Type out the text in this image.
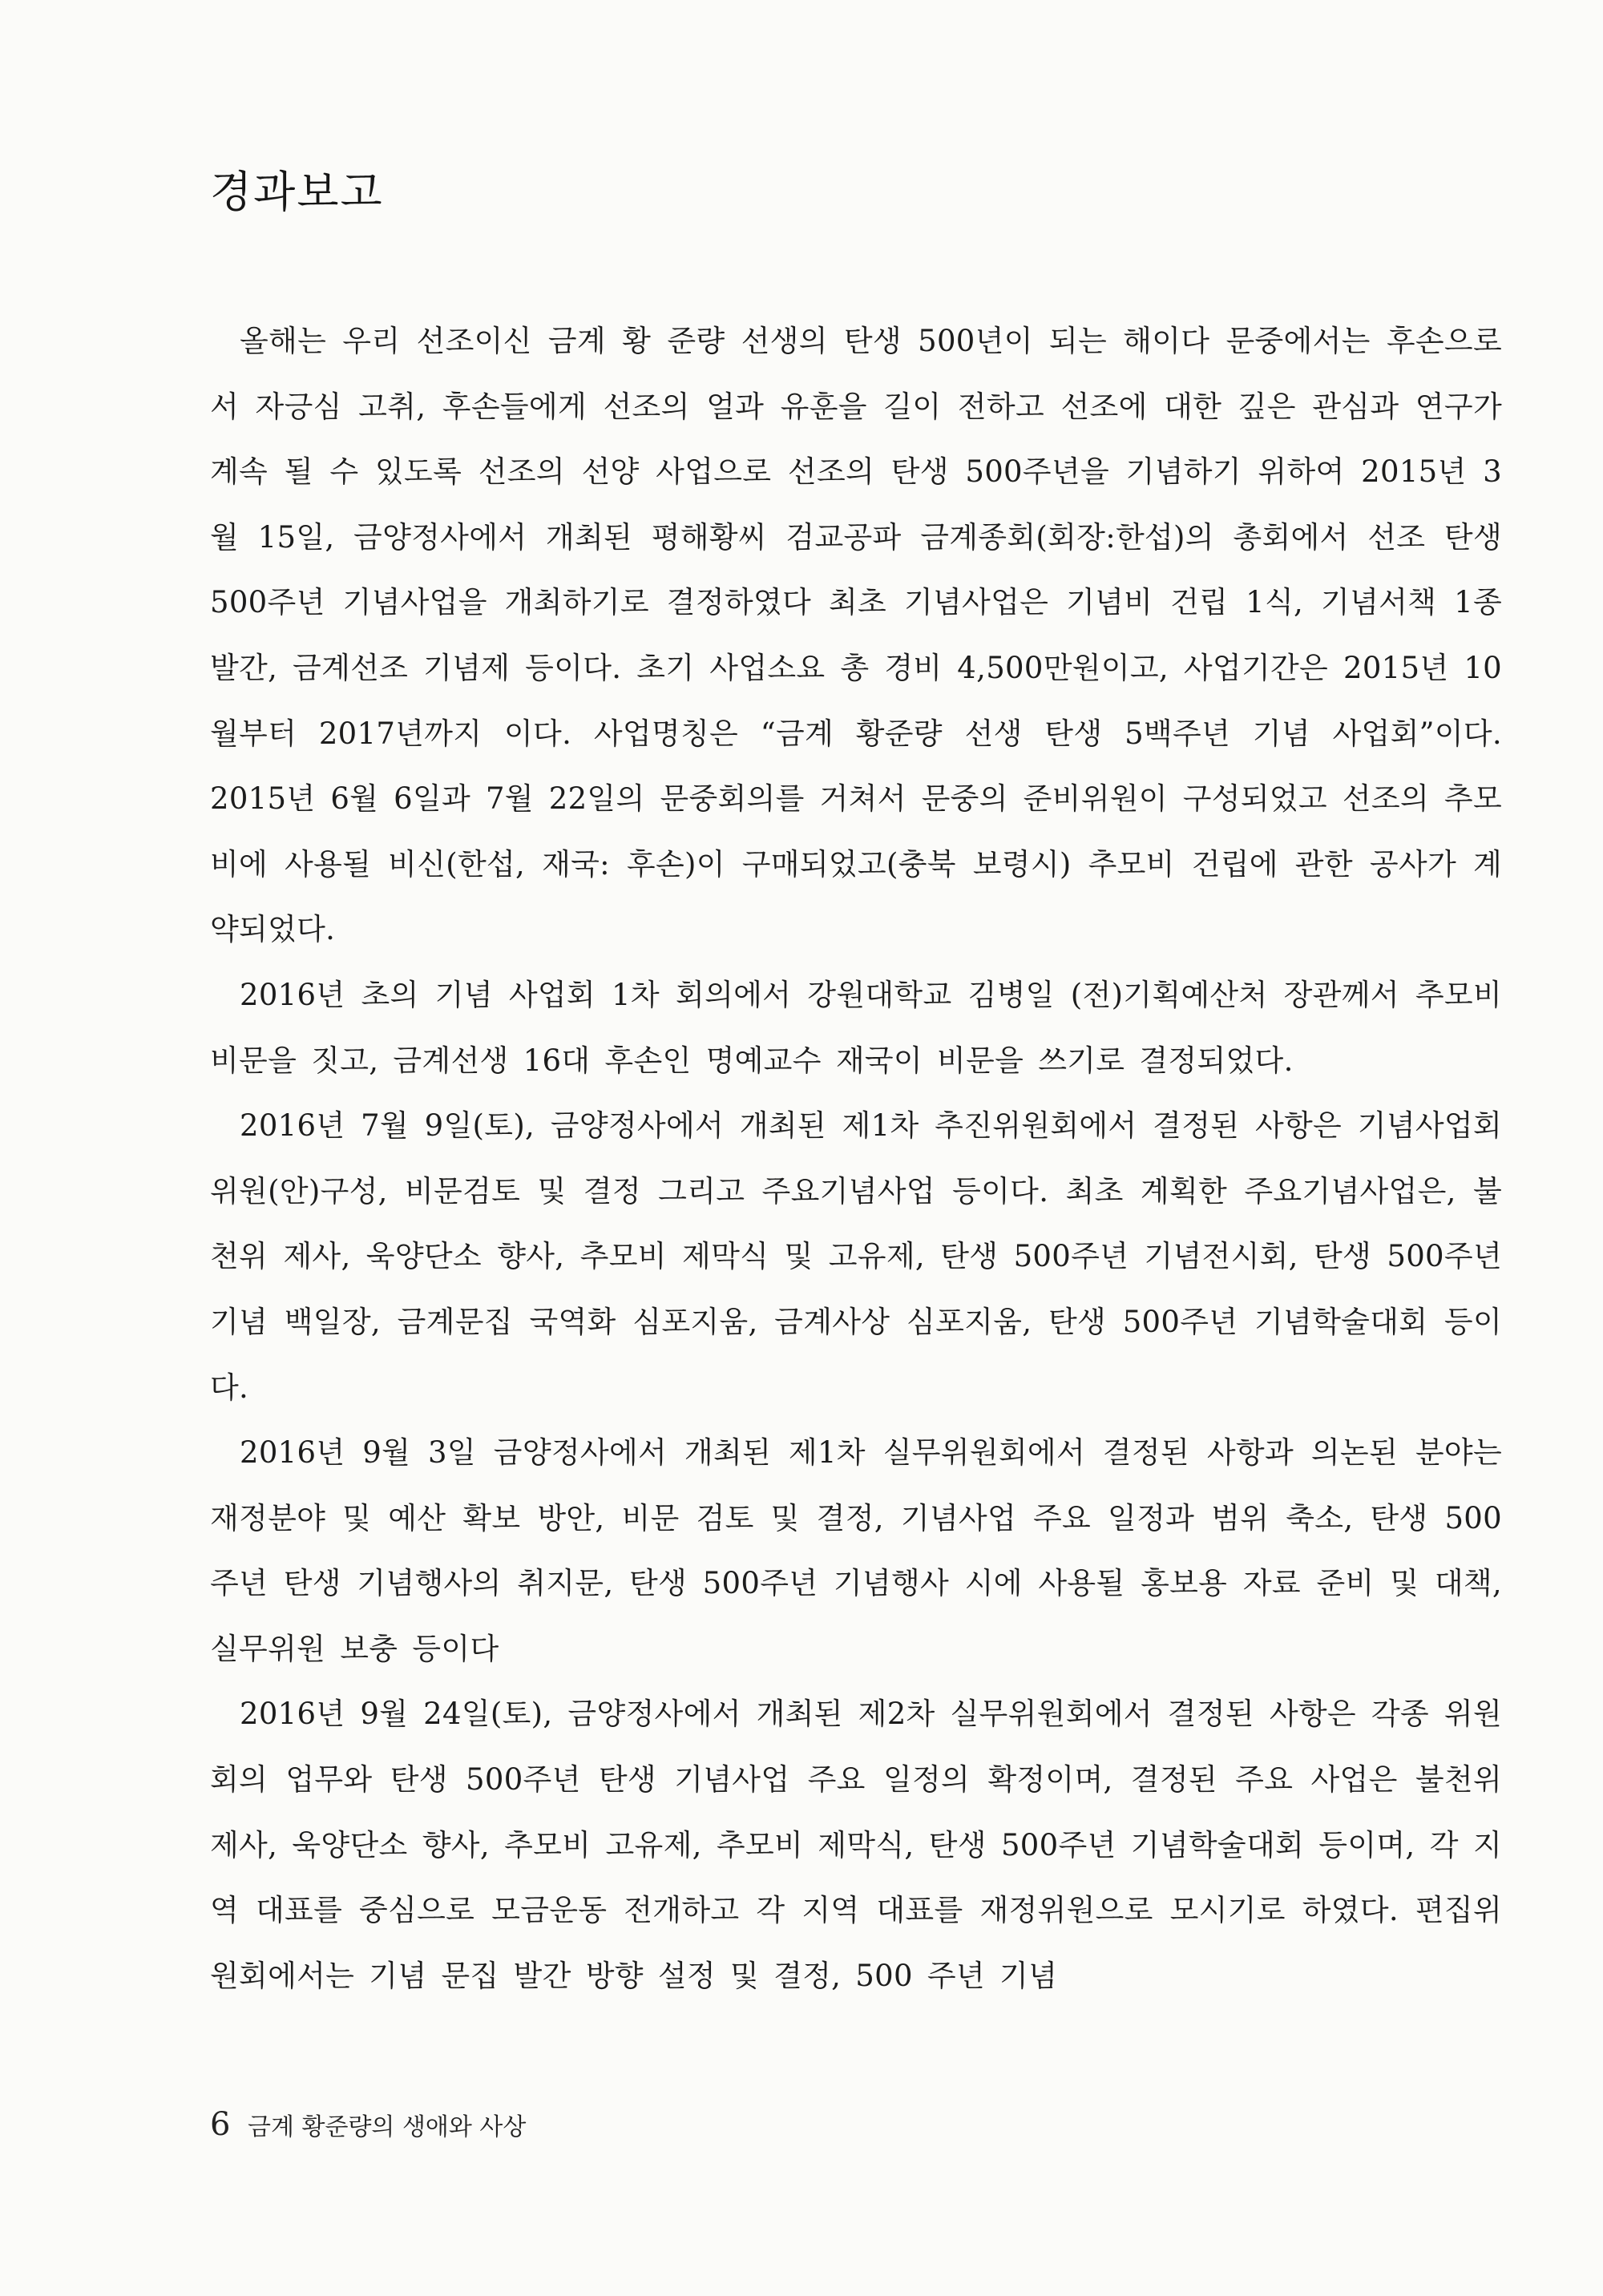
경과보고

올해는 우리 선조이신 금계 황 준량 선생의 탄생 500년이 되는 해이다 문중에서는 후손으로서 자긍심 고취, 후손들에게 선조의 얼과 유훈을 길이 전하고 선조에 대한 깊은 관심과 연구가 계속 될 수 있도록 선조의 선양 사업으로 선조의 탄생 500주년을 기념하기 위하여 2015년 3월 15일, 금양정사에서 개최된 평해황씨 검교공파 금계종회(회장:한섭)의 총회에서 선조 탄생 500주년 기념사업을 개최하기로 결정하였다 최초 기념사업은 기념비 건립 1식, 기념서책 1종 발간, 금계선조 기념제 등이다. 초기 사업소요 총 경비 4,500만원이고, 사업기간은 2015년 10월부터 2017년까지 이다. 사업명칭은 “금계 황준량 선생 탄생 5백주년 기념 사업회”이다. 2015년 6월 6일과 7월 22일의 문중회의를 거쳐서 문중의 준비위원이 구성되었고 선조의 추모비에 사용될 비신(한섭, 재국: 후손)이 구매되었고(충북 보령시) 추모비 건립에 관한 공사가 계약되었다.

2016년 초의 기념 사업회 1차 회의에서 강원대학교 김병일 (전)기획예산처 장관께서 추모비 비문을 짓고, 금계선생 16대 후손인 명예교수 재국이 비문을 쓰기로 결정되었다.

2016년 7월 9일(토), 금양정사에서 개최된 제1차 추진위원회에서 결정된 사항은 기념사업회 위원(안)구성, 비문검토 및 결정 그리고 주요기념사업 등이다. 최초 계획한 주요기념사업은, 불천위 제사, 욱양단소 향사, 추모비 제막식 및 고유제, 탄생 500주년 기념전시회, 탄생 500주년 기념 백일장, 금계문집 국역화 심포지움, 금계사상 심포지움, 탄생 500주년 기념학술대회 등이다.

2016년 9월 3일 금양정사에서 개최된 제1차 실무위원회에서 결정된 사항과 의논된 분야는 재정분야 및 예산 확보 방안, 비문 검토 및 결정, 기념사업 주요 일정과 범위 축소, 탄생 500 주년 탄생 기념행사의 취지문, 탄생 500주년 기념행사 시에 사용될 홍보용 자료 준비 및 대책, 실무위원 보충 등이다

2016년 9월 24일(토), 금양정사에서 개최된 제2차 실무위원회에서 결정된 사항은 각종 위원회의 업무와 탄생 500주년 탄생 기념사업 주요 일정의 확정이며, 결정된 주요 사업은 불천위 제사, 욱양단소 향사, 추모비 고유제, 추모비 제막식, 탄생 500주년 기념학술대회 등이며, 각 지역 대표를 중심으로 모금운동 전개하고 각 지역 대표를 재정위원으로 모시기로 하였다. 편집위원회에서는 기념 문집 발간 방향 설정 및 결정, 500 주년 기념

6 금계 황준량의 생애와 사상
